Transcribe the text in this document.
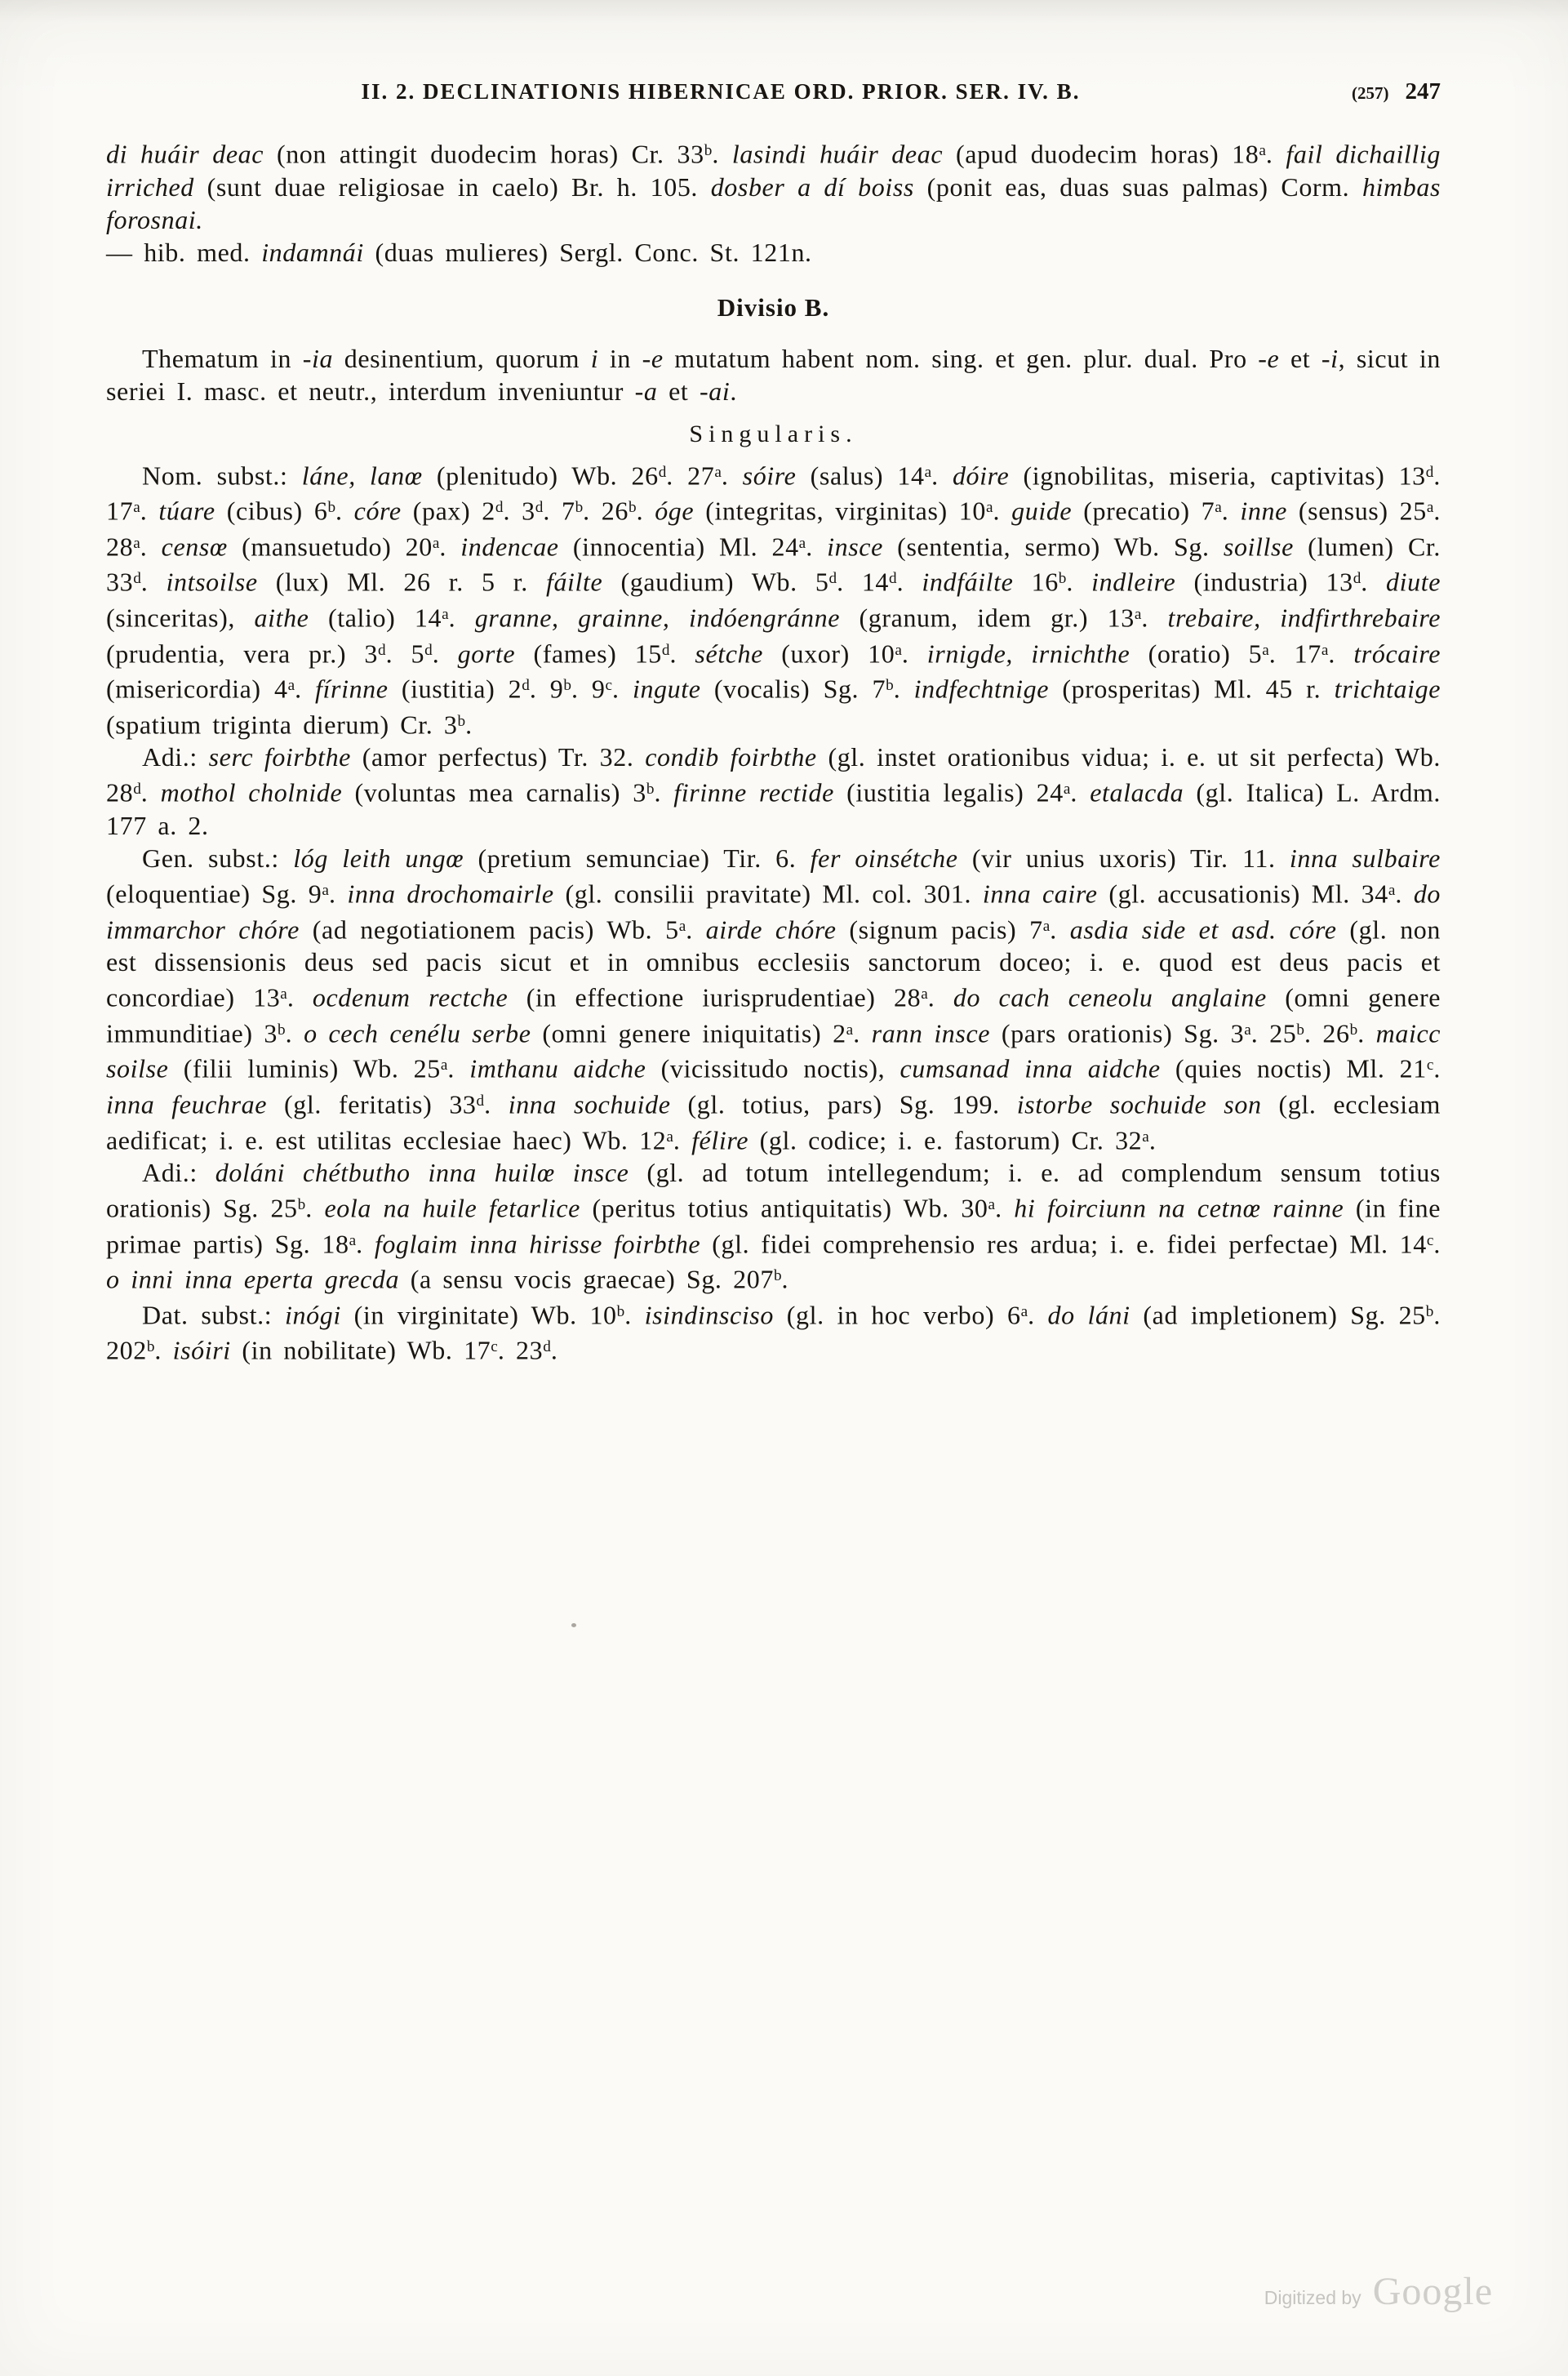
II. 2. DECLINATIONIS HIBERNICAE ORD. PRIOR. SER. IV. B.	(257) 247

di huáir deac (non attingit duodecim horas) Cr. 33$^b$. lasindi huáir deac (apud duodecim horas) 18$^a$. fail dichaillig irriched (sunt duae religiosae in caelo) Br. h. 105. dosber a dí boiss (ponit eas, duas suas palmas) Corm. himbas forosnai.
— hib. med. indamnái (duas mulieres) Sergl. Conc. St. 121n.

Divisio B.

Thematum in -ia desinentium, quorum i in -e mutatum habent nom. sing. et gen. plur. dual. Pro -e et -i, sicut in seriei I. masc. et neutr., interdum inveniuntur -a et -ai.

Singularis.

Nom. subst.: láne, lanœ (plenitudo) Wb. 26$^d$. 27$^a$. sóire (salus) 14$^a$. dóire (ignobilitas, miseria, captivitas) 13$^d$. 17$^a$. túare (cibus) 6$^b$. córe (pax) 2$^d$. 3$^d$. 7$^b$. 26$^b$. óge (integritas, virginitas) 10$^a$. guide (precatio) 7$^a$. inne (sensus) 25$^a$. 28$^a$. censœ (mansuetudo) 20$^a$. indencae (innocentia) Ml. 24$^a$. insce (sententia, sermo) Wb. Sg. soillse (lumen) Cr. 33$^d$. intsoilse (lux) Ml. 26 r. 5 r. fáilte (gaudium) Wb. 5$^d$. 14$^d$. indfáilte 16$^b$. indleire (industria) 13$^d$. diute (sinceritas), aithe (talio) 14$^a$. granne, grainne, indóengránne (granum, idem gr.) 13$^a$. trebaire, indfirthrebaire (prudentia, vera pr.) 3$^d$. 5$^d$. gorte (fames) 15$^d$. sétche (uxor) 10$^a$. irnigde, irnichthe (oratio) 5$^a$. 17$^a$. trócaire (misericordia) 4$^a$. fírinne (iustitia) 2$^d$. 9$^b$. 9$^c$. ingute (vocalis) Sg. 7$^b$. indfechtnige (prosperitas) Ml. 45 r. trichtaige (spatium triginta dierum) Cr. 3$^b$.

Adi.: serc foirbthe (amor perfectus) Tr. 32. condib foirbthe (gl. instet orationibus vidua; i. e. ut sit perfecta) Wb. 28$^d$. mothol cholnide (voluntas mea carnalis) 3$^b$. firinne rectide (iustitia legalis) 24$^a$. etalacda (gl. Italica) L. Ardm. 177 a. 2.

Gen. subst.: lóg leith ungœ (pretium semunciae) Tir. 6. fer oinsétche (vir unius uxoris) Tir. 11. inna sulbaire (eloquentiae) Sg. 9$^a$. inna drochomairle (gl. consilii pravitate) Ml. col. 301. inna caire (gl. accusationis) Ml. 34$^a$. do immarchor chóre (ad negotiationem pacis) Wb. 5$^a$. airde chóre (signum pacis) 7$^a$. asdia side et asd. córe (gl. non est dissensionis deus sed pacis sicut et in omnibus ecclesiis sanctorum doceo; i. e. quod est deus pacis et concordiae) 13$^a$. ocdenum rectche (in effectione iurisprudentiae) 28$^a$. do cach ceneolu anglaine (omni genere immunditiae) 3$^b$. o cech cenélu serbe (omni genere iniquitatis) 2$^a$. rann insce (pars orationis) Sg. 3$^a$. 25$^b$. 26$^b$. maicc soilse (filii luminis) Wb. 25$^a$. imthanu aidche (vicissitudo noctis), cumsanad inna aidche (quies noctis) Ml. 21$^c$. inna feuchrae (gl. feritatis) 33$^d$. inna sochuide (gl. totius, pars) Sg. 199. istorbe sochuide son (gl. ecclesiam aedificat; i. e. est utilitas ecclesiae haec) Wb. 12$^a$. félire (gl. codice; i. e. fastorum) Cr. 32$^a$.

Adi.: doláni chétbutho inna huilœ insce (gl. ad totum intellegendum; i. e. ad complendum sensum totius orationis) Sg. 25$^b$. eola na huile fetarlice (peritus totius antiquitatis) Wb. 30$^a$. hi foirciunn na cetnœ rainne (in fine primae partis) Sg. 18$^a$. foglaim inna hirisse foirbthe (gl. fidei comprehensio res ardua; i. e. fidei perfectae) Ml. 14$^c$. o inni inna eperta grecda (a sensu vocis graecae) Sg. 207$^b$.

Dat. subst.: inógi (in virginitate) Wb. 10$^b$. isindinsciso (gl. in hoc verbo) 6$^a$. do láni (ad impletionem) Sg. 25$^b$. 202$^b$. isóiri (in nobilitate) Wb. 17$^c$. 23$^d$.

Digitized by Google
